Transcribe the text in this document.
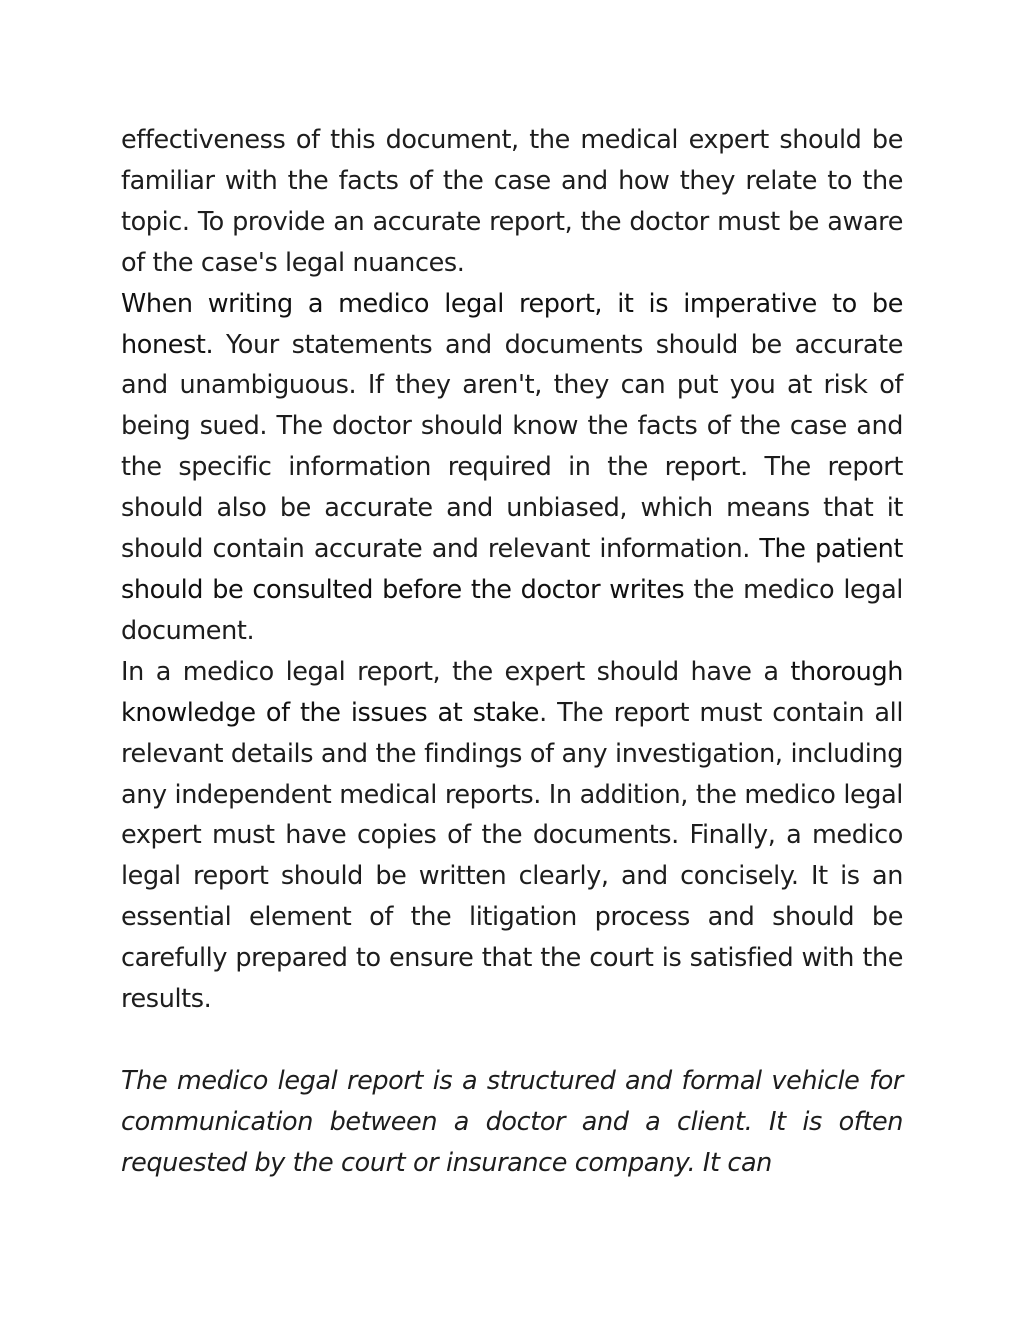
effectiveness of this document, the medical expert should be familiar with the facts of the case and how they relate to the topic. To provide an accurate report, the doctor must be aware of the case's legal nuances.

When writing a medico legal report, it is imperative to be honest. Your statements and documents should be accurate and unambiguous. If they aren't, they can put you at risk of being sued. The doctor should know the facts of the case and the specific information required in the report. The report should also be accurate and unbiased, which means that it should contain accurate and relevant information. The patient should be consulted before the doctor writes the medico legal document.

In a medico legal report, the expert should have a thorough knowledge of the issues at stake. The report must contain all relevant details and the findings of any investigation, including any independent medical reports. In addition, the medico legal expert must have copies of the documents. Finally, a medico legal report should be written clearly, and concisely. It is an essential element of the litigation process and should be carefully prepared to ensure that the court is satisfied with the results.

The medico legal report is a structured and formal vehicle for communication between a doctor and a client. It is often requested by the court or insurance company. It can
